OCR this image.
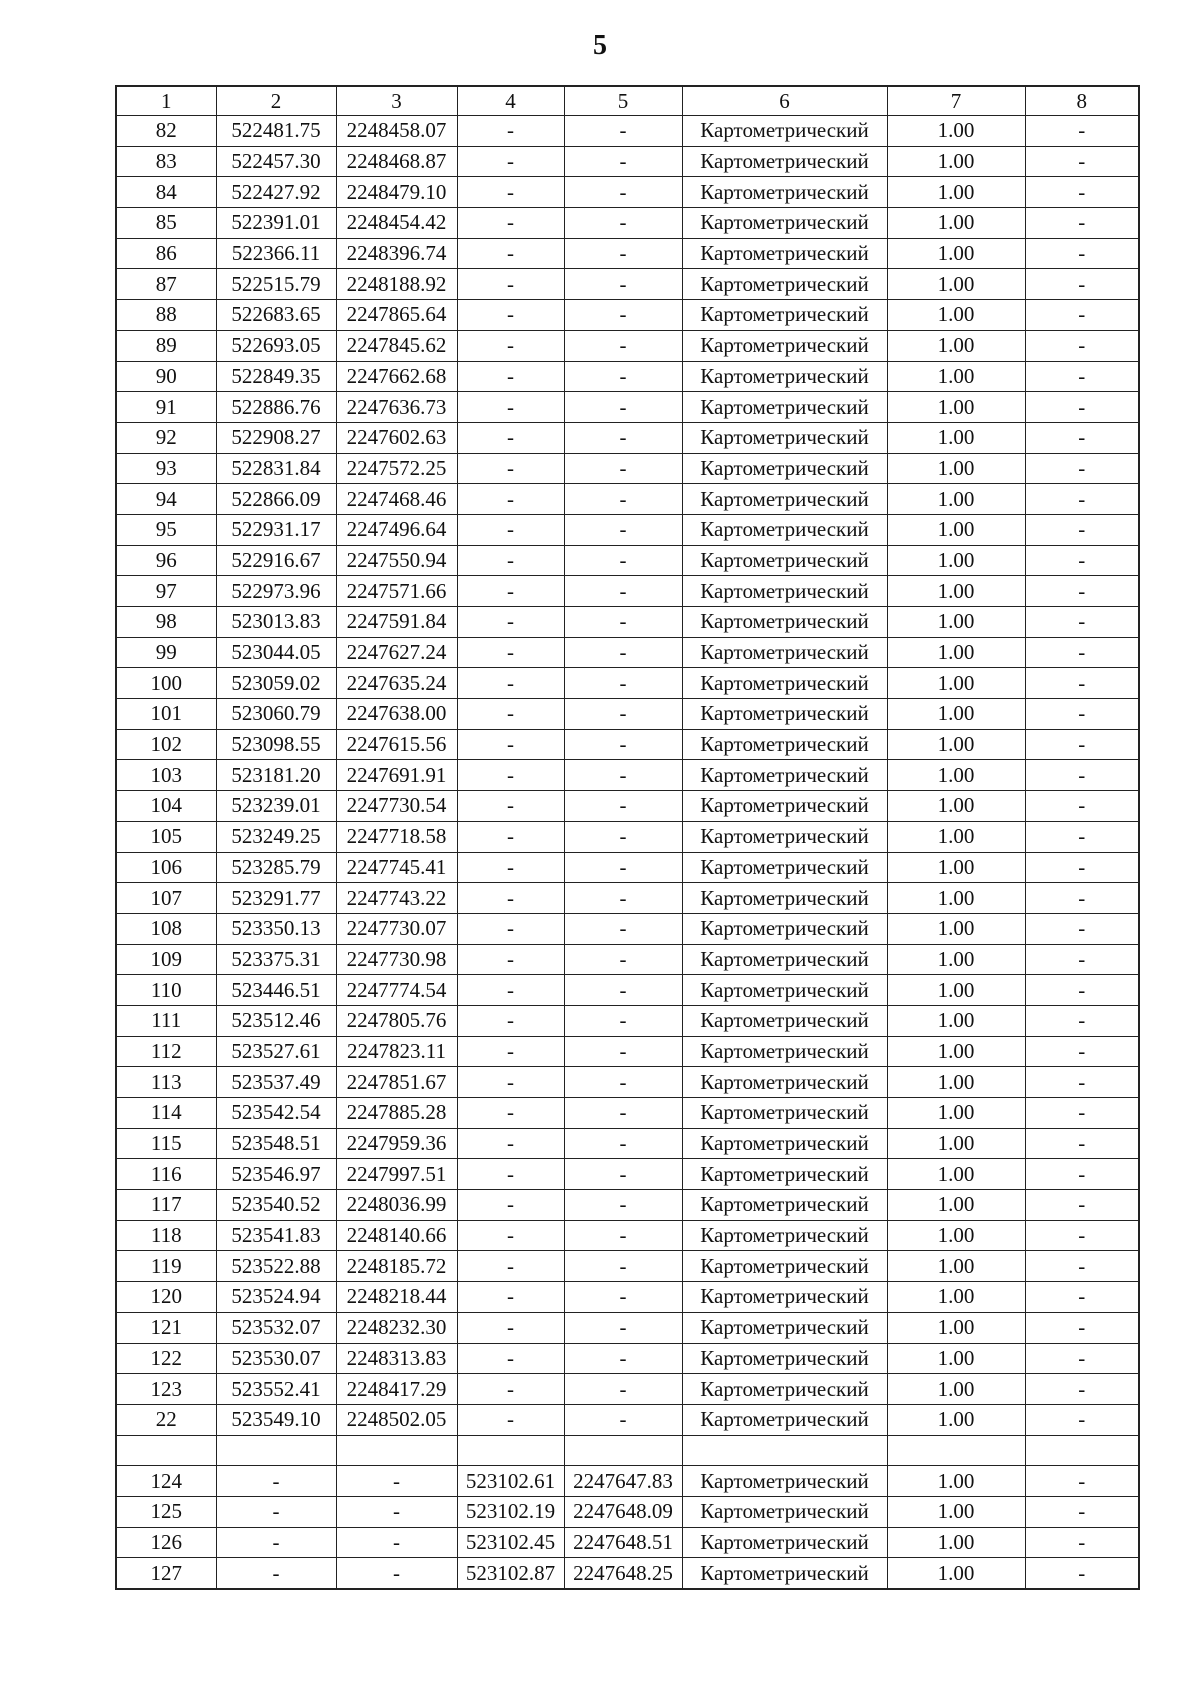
5
1	2	3	4	5	6	7	8
82	522481.75	2248458.07	-	-	Картометрический	1.00	-
83	522457.30	2248468.87	-	-	Картометрический	1.00	-
84	522427.92	2248479.10	-	-	Картометрический	1.00	-
85	522391.01	2248454.42	-	-	Картометрический	1.00	-
86	522366.11	2248396.74	-	-	Картометрический	1.00	-
87	522515.79	2248188.92	-	-	Картометрический	1.00	-
88	522683.65	2247865.64	-	-	Картометрический	1.00	-
89	522693.05	2247845.62	-	-	Картометрический	1.00	-
90	522849.35	2247662.68	-	-	Картометрический	1.00	-
91	522886.76	2247636.73	-	-	Картометрический	1.00	-
92	522908.27	2247602.63	-	-	Картометрический	1.00	-
93	522831.84	2247572.25	-	-	Картометрический	1.00	-
94	522866.09	2247468.46	-	-	Картометрический	1.00	-
95	522931.17	2247496.64	-	-	Картометрический	1.00	-
96	522916.67	2247550.94	-	-	Картометрический	1.00	-
97	522973.96	2247571.66	-	-	Картометрический	1.00	-
98	523013.83	2247591.84	-	-	Картометрический	1.00	-
99	523044.05	2247627.24	-	-	Картометрический	1.00	-
100	523059.02	2247635.24	-	-	Картометрический	1.00	-
101	523060.79	2247638.00	-	-	Картометрический	1.00	-
102	523098.55	2247615.56	-	-	Картометрический	1.00	-
103	523181.20	2247691.91	-	-	Картометрический	1.00	-
104	523239.01	2247730.54	-	-	Картометрический	1.00	-
105	523249.25	2247718.58	-	-	Картометрический	1.00	-
106	523285.79	2247745.41	-	-	Картометрический	1.00	-
107	523291.77	2247743.22	-	-	Картометрический	1.00	-
108	523350.13	2247730.07	-	-	Картометрический	1.00	-
109	523375.31	2247730.98	-	-	Картометрический	1.00	-
110	523446.51	2247774.54	-	-	Картометрический	1.00	-
111	523512.46	2247805.76	-	-	Картометрический	1.00	-
112	523527.61	2247823.11	-	-	Картометрический	1.00	-
113	523537.49	2247851.67	-	-	Картометрический	1.00	-
114	523542.54	2247885.28	-	-	Картометрический	1.00	-
115	523548.51	2247959.36	-	-	Картометрический	1.00	-
116	523546.97	2247997.51	-	-	Картометрический	1.00	-
117	523540.52	2248036.99	-	-	Картометрический	1.00	-
118	523541.83	2248140.66	-	-	Картометрический	1.00	-
119	523522.88	2248185.72	-	-	Картометрический	1.00	-
120	523524.94	2248218.44	-	-	Картометрический	1.00	-
121	523532.07	2248232.30	-	-	Картометрический	1.00	-
122	523530.07	2248313.83	-	-	Картометрический	1.00	-
123	523552.41	2248417.29	-	-	Картометрический	1.00	-
22	523549.10	2248502.05	-	-	Картометрический	1.00	-

124	-	-	523102.61	2247647.83	Картометрический	1.00	-
125	-	-	523102.19	2247648.09	Картометрический	1.00	-
126	-	-	523102.45	2247648.51	Картометрический	1.00	-
127	-	-	523102.87	2247648.25	Картометрический	1.00	-
